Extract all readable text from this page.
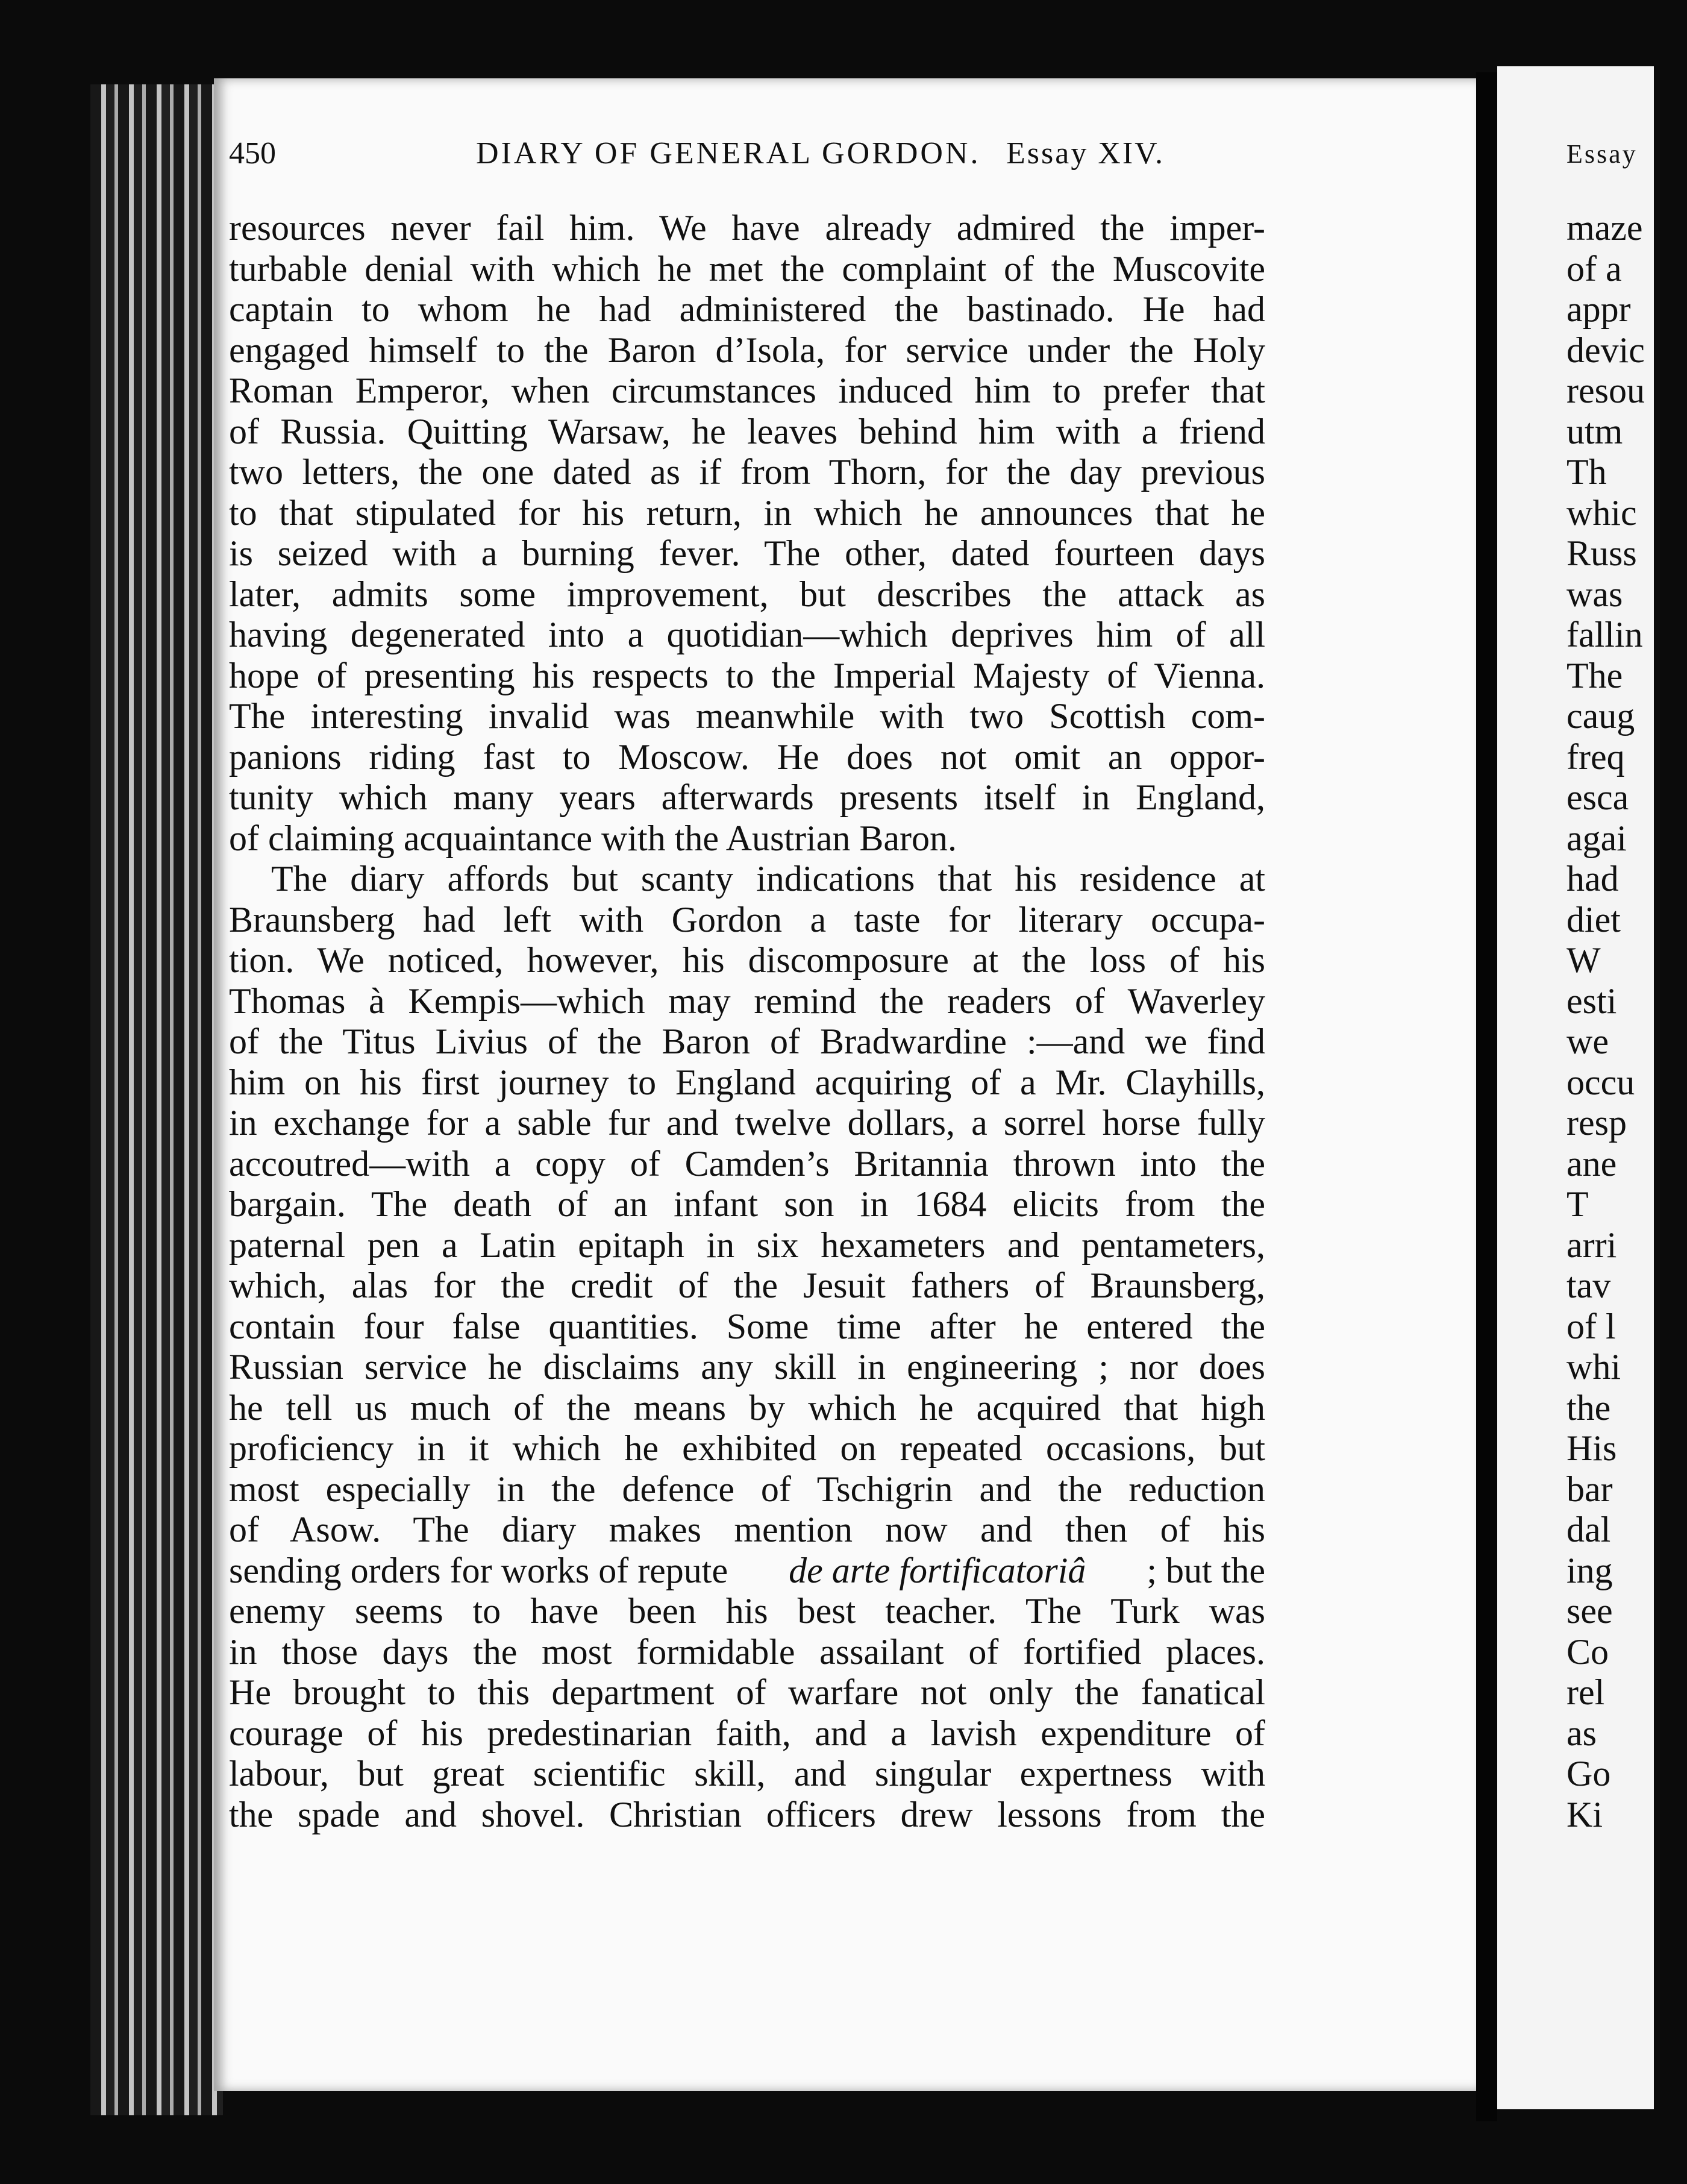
450	DIARY OF GENERAL GORDON. Essay XIV.
resources never fail him. We have already admired the imper-
turbable denial with which he met the complaint of the Muscovite
captain to whom he had administered the bastinado. He had
engaged himself to the Baron d’Isola, for service under the Holy
Roman Emperor, when circumstances induced him to prefer that
of Russia. Quitting Warsaw, he leaves behind him with a friend
two letters, the one dated as if from Thorn, for the day previous
to that stipulated for his return, in which he announces that he
is seized with a burning fever. The other, dated fourteen days
later, admits some improvement, but describes the attack as
having degenerated into a quotidian—which deprives him of all
hope of presenting his respects to the Imperial Majesty of Vienna.
The interesting invalid was meanwhile with two Scottish com-
panions riding fast to Moscow. He does not omit an oppor-
tunity which many years afterwards presents itself in England,
of claiming acquaintance with the Austrian Baron.
The diary affords but scanty indications that his residence at
Braunsberg had left with Gordon a taste for literary occupa-
tion. We noticed, however, his discomposure at the loss of his
Thomas à Kempis—which may remind the readers of Waverley
of the Titus Livius of the Baron of Bradwardine :—and we find
him on his first journey to England acquiring of a Mr. Clayhills,
in exchange for a sable fur and twelve dollars, a sorrel horse fully
accoutred—with a copy of Camden’s Britannia thrown into the
bargain. The death of an infant son in 1684 elicits from the
paternal pen a Latin epitaph in six hexameters and pentameters,
which, alas for the credit of the Jesuit fathers of Braunsberg,
contain four false quantities. Some time after he entered the
Russian service he disclaims any skill in engineering ; nor does
he tell us much of the means by which he acquired that high
proficiency in it which he exhibited on repeated occasions, but
most especially in the defence of Tschigrin and the reduction
of Asow. The diary makes mention now and then of his
sending orders for works of repute de arte fortificatoriâ ; but the
enemy seems to have been his best teacher. The Turk was
in those days the most formidable assailant of fortified places.
He brought to this department of warfare not only the fanatical
courage of his predestinarian faith, and a lavish expenditure of
labour, but great scientific skill, and singular expertness with
the spade and shovel. Christian officers drew lessons from the
Essay
maze
of a
appr
devic
resou
utm
Th
whic
Russ
was
fallin
The
caug
freq
esca
agai
had
diet
W
esti
we
occu
resp
ane
T
arri
tav
of l
whi
the
His
bar
dal
ing
see
Co
rel
as
Go
Ki
